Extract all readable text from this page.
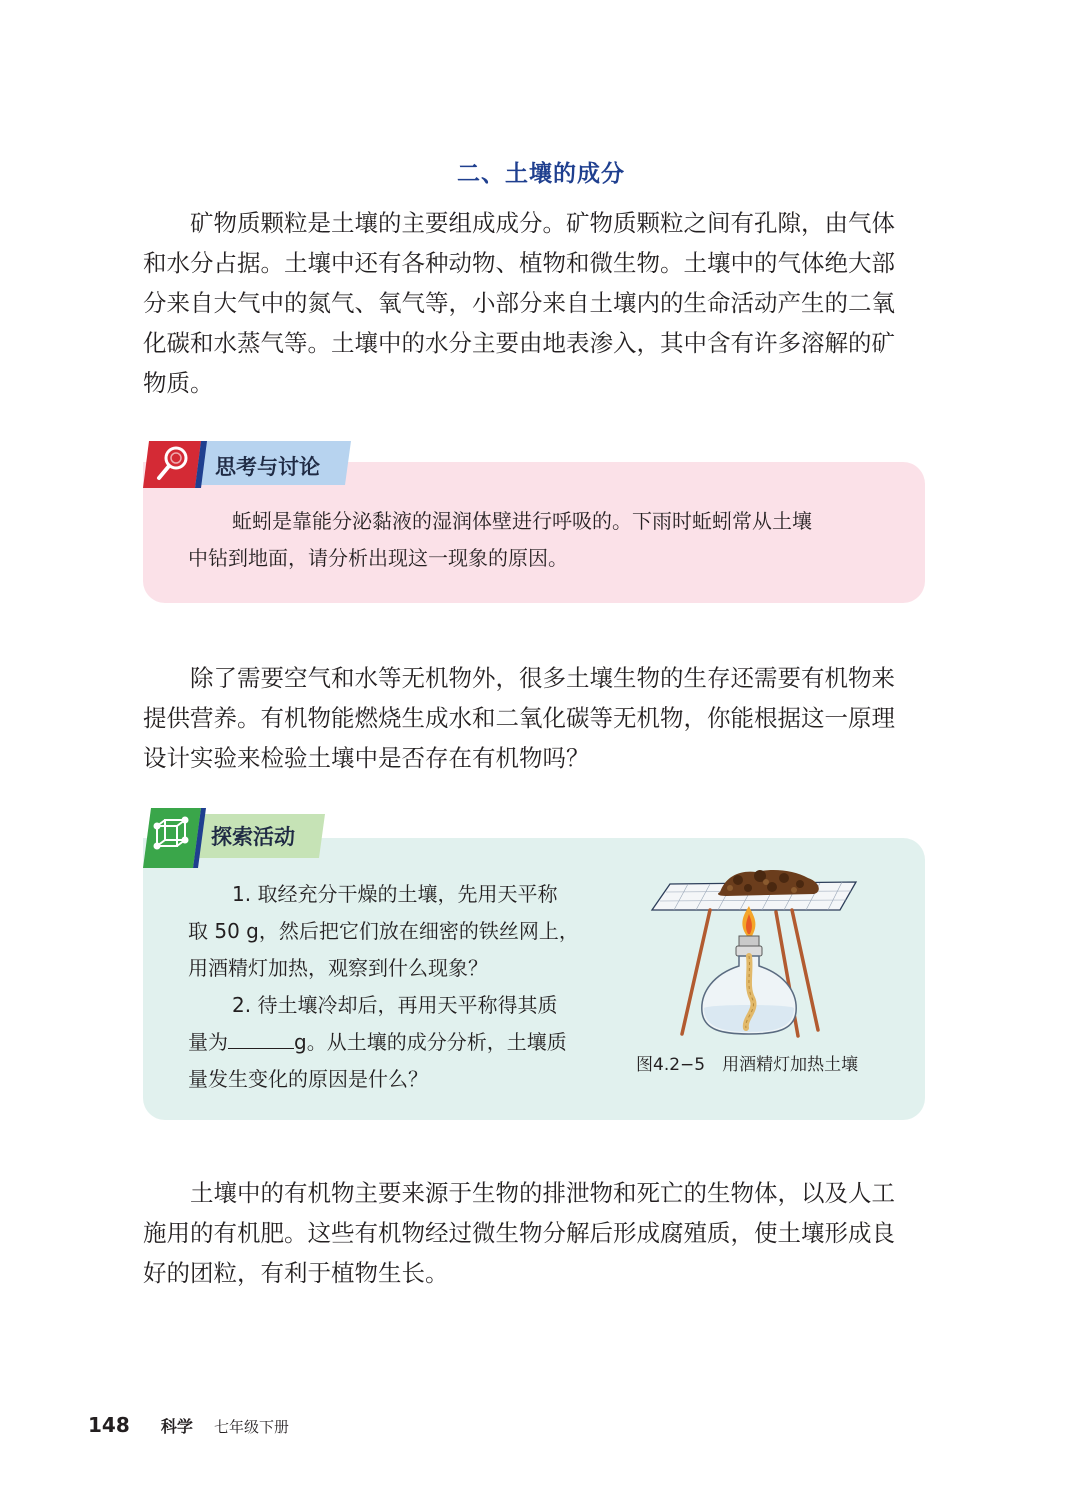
二、土壤的成分
矿物质颗粒是土壤的主要组成成分。矿物质颗粒之间有孔隙，由气体
和水分占据。土壤中还有各种动物、植物和微生物。土壤中的气体绝大部
分来自大气中的氮气、氧气等，小部分来自土壤内的生命活动产生的二氧
化碳和水蒸气等。土壤中的水分主要由地表渗入，其中含有许多溶解的矿
物质。
思考与讨论
蚯蚓是靠能分泌黏液的湿润体壁进行呼吸的。下雨时蚯蚓常从土壤
中钻到地面，请分析出现这一现象的原因。
除了需要空气和水等无机物外，很多土壤生物的生存还需要有机物来
提供营养。有机物能燃烧生成水和二氧化碳等无机物，你能根据这一原理
设计实验来检验土壤中是否存在有机物吗？
探索活动
1. 取经充分干燥的土壤，先用天平称
取 50 g，然后把它们放在细密的铁丝网上，
用酒精灯加热，观察到什么现象？
2. 待土壤冷却后，再用天平称得其质
量为	g。从土壤的成分分析，土壤质
量发生变化的原因是什么？
图4.2−5　用酒精灯加热土壤
土壤中的有机物主要来源于生物的排泄物和死亡的生物体，以及人工
施用的有机肥。这些有机物经过微生物分解后形成腐殖质，使土壤形成良
好的团粒，有利于植物生长。
148 科学 七年级下册
